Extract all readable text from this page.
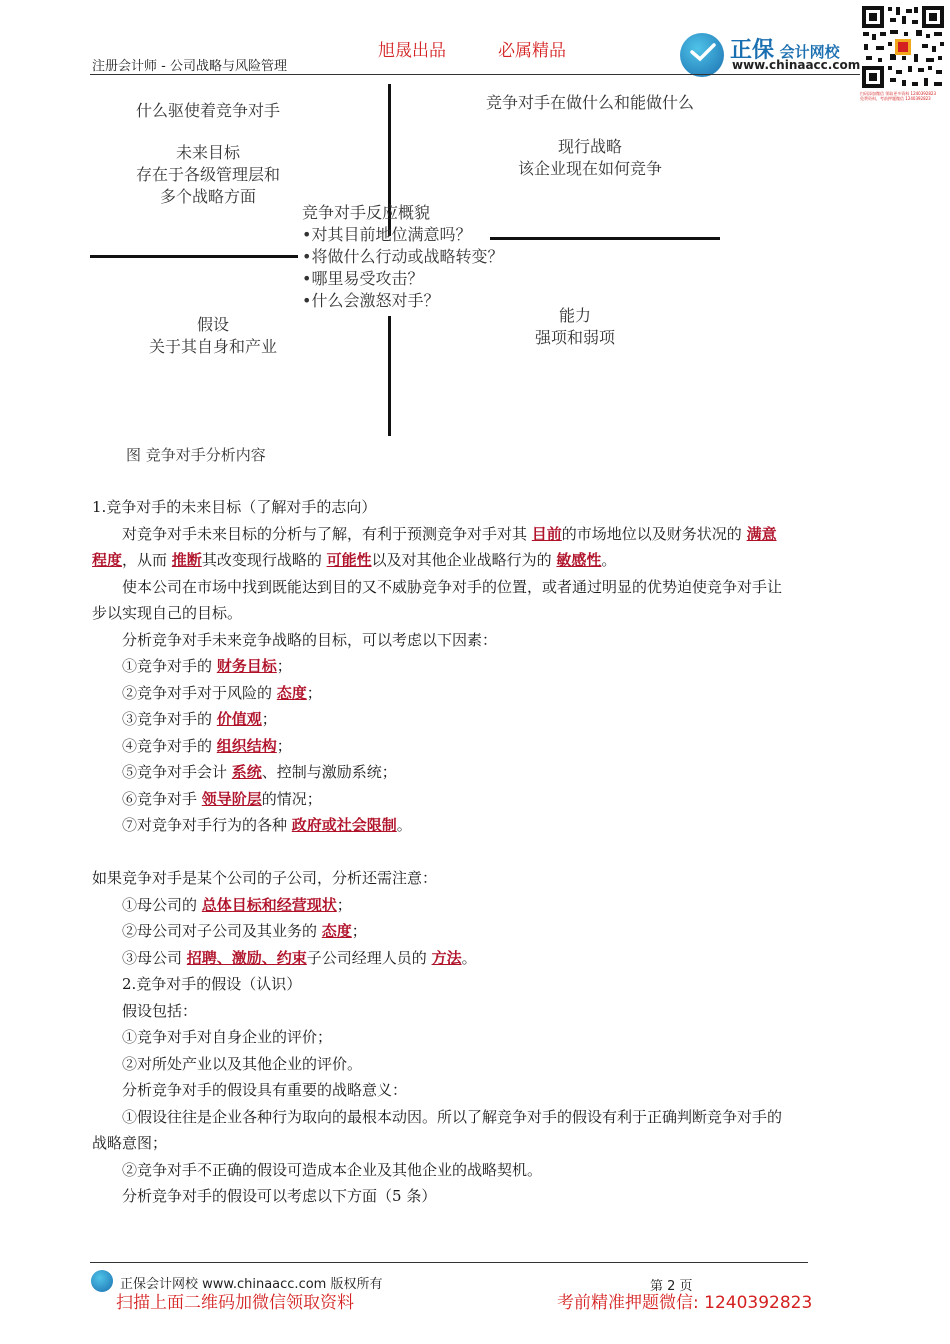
注册会计师 - 公司战略与风险管理
旭晟出品	必属精品	正保 会计网校
www.chinaacc.com
扫码添加微信 领取更多资料 1240392823
免费资料，考前押题微信 1240392823
什么驱使着竞争对手
未来目标
存在于各级管理层和
多个战略方面
竞争对手在做什么和能做什么
现行战略
该企业现在如何竞争
竞争对手反应概貌
•对其目前地位满意吗？
•将做什么行动或战略转变？
•哪里易受攻击？
•什么会激怒对手？
假设
关于其自身和产业
能力
强项和弱项
图 竞争对手分析内容
1.竞争对手的未来目标（了解对手的志向）
对竞争对手未来目标的分析与了解，有利于预测竞争对手对其 目前的市场地位以及财务状况的 满意
程度，从而 推断其改变现行战略的 可能性以及对其他企业战略行为的 敏感性。
使本公司在市场中找到既能达到目的又不威胁竞争对手的位置，或者通过明显的优势迫使竞争对手让
步以实现自己的目标。
分析竞争对手未来竞争战略的目标，可以考虑以下因素：
①竞争对手的 财务目标；
②竞争对手对于风险的 态度；
③竞争对手的 价值观；
④竞争对手的 组织结构；
⑤竞争对手会计 系统、控制与激励系统；
⑥竞争对手 领导阶层的情况；
⑦对竞争对手行为的各种 政府或社会限制。
如果竞争对手是某个公司的子公司，分析还需注意：
①母公司的 总体目标和经营现状；
②母公司对子公司及其业务的 态度；
③母公司 招聘、激励、约束子公司经理人员的 方法。
2.竞争对手的假设（认识）
假设包括：
①竞争对手对自身企业的评价；
②对所处产业以及其他企业的评价。
分析竞争对手的假设具有重要的战略意义：
①假设往往是企业各种行为取向的最根本动因。所以了解竞争对手的假设有利于正确判断竞争对手的
战略意图；
②竞争对手不正确的假设可造成本企业及其他企业的战略契机。
分析竞争对手的假设可以考虑以下方面（5 条）
正保会计网校 www.chinaacc.com 版权所有	第 2 页
扫描上面二维码加微信领取资料	考前精准押题微信: 1240392823
